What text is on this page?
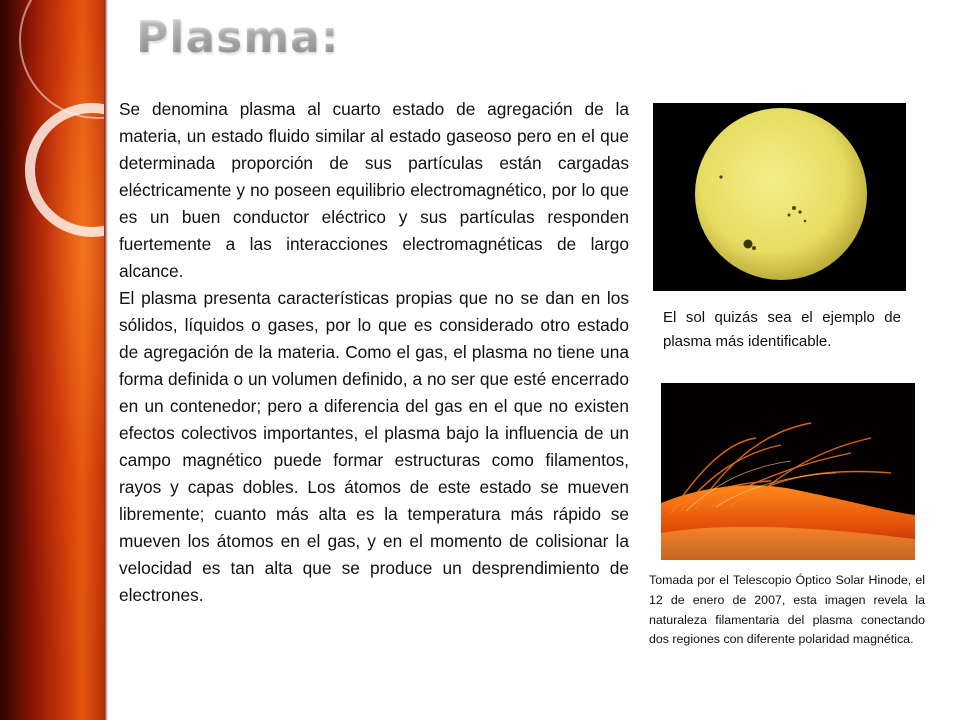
Plasma:

Se denomina plasma al cuarto estado de agregación de la materia, un estado fluido similar al estado gaseoso pero en el que determinada proporción de sus partículas están cargadas eléctricamente y no poseen equilibrio electromagnético, por lo que es un buen conductor eléctrico y sus partículas responden fuertemente a las interacciones electromagnéticas de largo alcance.

El plasma presenta características propias que no se dan en los sólidos, líquidos o gases, por lo que es considerado otro estado de agregación de la materia. Como el gas, el plasma no tiene una forma definida o un volumen definido, a no ser que esté encerrado en un contenedor; pero a diferencia del gas en el que no existen efectos colectivos importantes, el plasma bajo la influencia de un campo magnético puede formar estructuras como filamentos, rayos y capas dobles. Los átomos de este estado se mueven libremente; cuanto más alta es la temperatura más rápido se mueven los átomos en el gas, y en el momento de colisionar la velocidad es tan alta que se produce un desprendimiento de electrones.

El sol quizás sea el ejemplo de plasma más identificable.
Tomada por el Telescopio Óptico Solar Hinode, el 12 de enero de 2007, esta imagen revela la naturaleza filamentaria del plasma conectando dos regiones con diferente polaridad magnética.
